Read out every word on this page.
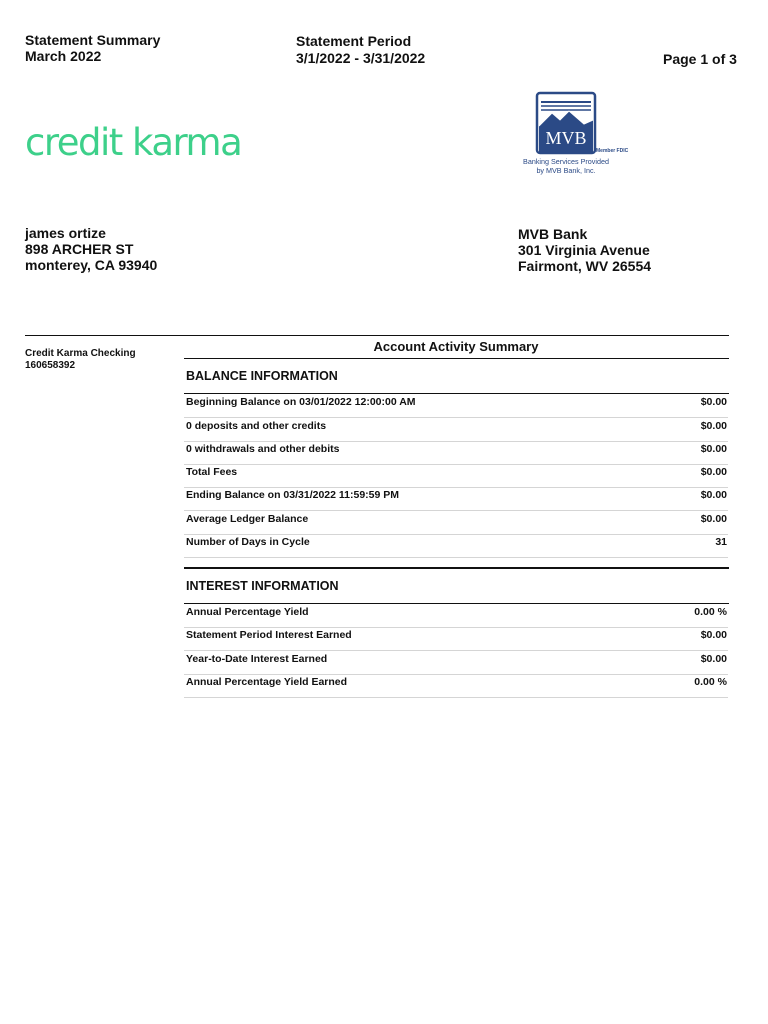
Statement Summary
March 2022
Statement Period
3/1/2022 - 3/31/2022	Page 1 of 3
credit karma	MVB
Member FDIC
Banking Services Provided
by MVB Bank, Inc.
james ortize
898 ARCHER ST
monterey, CA 93940
MVB Bank
301 Virginia Avenue
Fairmont, WV 26554
Credit Karma Checking
160658392
Account Activity Summary
BALANCE INFORMATION
Beginning Balance on 03/01/2022 12:00:00 AM	$0.00
0 deposits and other credits	$0.00
0 withdrawals and other debits	$0.00
Total Fees	$0.00
Ending Balance on 03/31/2022 11:59:59 PM	$0.00
Average Ledger Balance	$0.00
Number of Days in Cycle	31
INTEREST INFORMATION
Annual Percentage Yield	0.00 %
Statement Period Interest Earned	$0.00
Year-to-Date Interest Earned	$0.00
Annual Percentage Yield Earned	0.00 %
